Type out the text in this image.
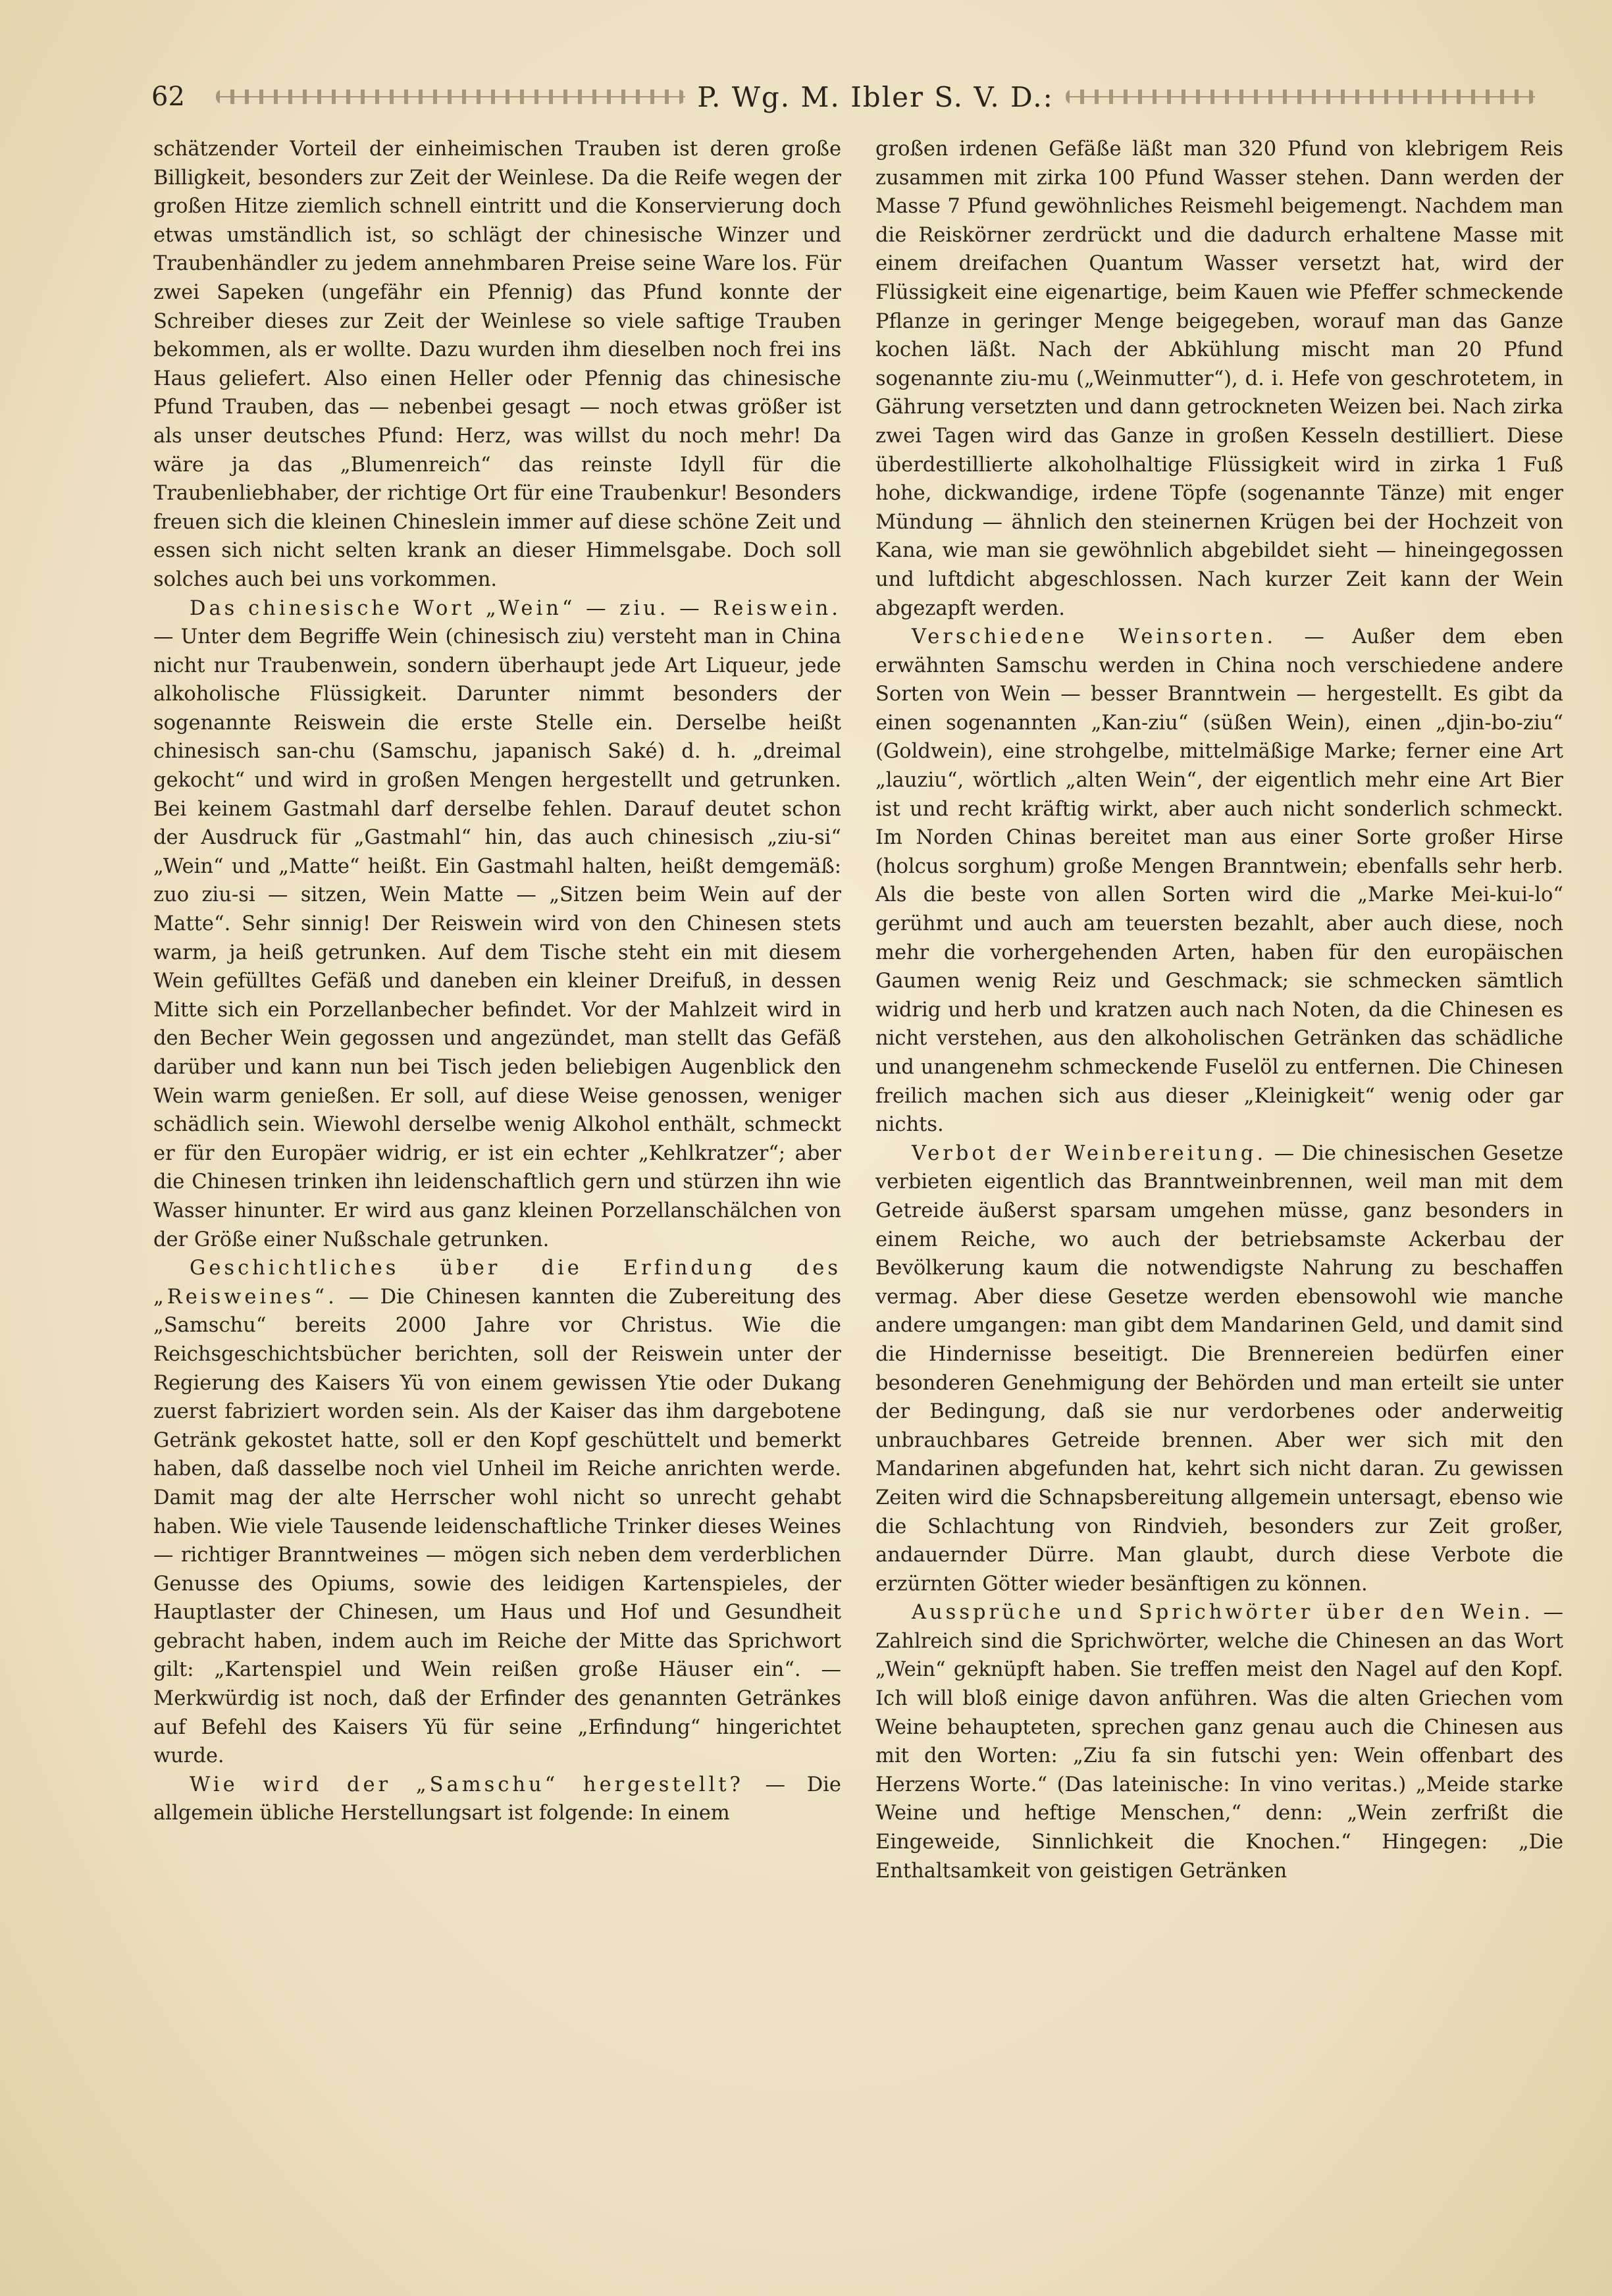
62	P. Wg. M. Ibler S. V. D.:

schätzender Vorteil der einheimischen Trauben ist deren große Billigkeit, besonders zur Zeit der Weinlese. Da die Reife wegen der großen Hitze ziemlich schnell eintritt und die Konservierung doch etwas umständlich ist, so schlägt der chinesische Winzer und Traubenhändler zu jedem annehmbaren Preise seine Ware los. Für zwei Sapeken (ungefähr ein Pfennig) das Pfund konnte der Schreiber dieses zur Zeit der Weinlese so viele saftige Trauben bekommen, als er wollte. Dazu wurden ihm dieselben noch frei ins Haus geliefert. Also einen Heller oder Pfennig das chinesische Pfund Trauben, das — nebenbei gesagt — noch etwas größer ist als unser deutsches Pfund: Herz, was willst du noch mehr! Da wäre ja das „Blumenreich“ das reinste Idyll für die Traubenliebhaber, der richtige Ort für eine Traubenkur! Besonders freuen sich die kleinen Chineslein immer auf diese schöne Zeit und essen sich nicht selten krank an dieser Himmelsgabe. Doch soll solches auch bei uns vorkommen.

Das chinesische Wort „Wein“ — ziu. — Reiswein. — Unter dem Begriffe Wein (chinesisch ziu) versteht man in China nicht nur Traubenwein, sondern überhaupt jede Art Liqueur, jede alkoholische Flüssigkeit. Darunter nimmt besonders der sogenannte Reiswein die erste Stelle ein. Derselbe heißt chinesisch san-chu (Samschu, japanisch Saké) d. h. „dreimal gekocht“ und wird in großen Mengen hergestellt und getrunken. Bei keinem Gastmahl darf derselbe fehlen. Darauf deutet schon der Ausdruck für „Gastmahl“ hin, das auch chinesisch „ziu-si“ „Wein“ und „Matte“ heißt. Ein Gastmahl halten, heißt demgemäß: zuo ziu-si — sitzen, Wein Matte — „Sitzen beim Wein auf der Matte“. Sehr sinnig! Der Reiswein wird von den Chinesen stets warm, ja heiß getrunken. Auf dem Tische steht ein mit diesem Wein gefülltes Gefäß und daneben ein kleiner Dreifuß, in dessen Mitte sich ein Porzellanbecher befindet. Vor der Mahlzeit wird in den Becher Wein gegossen und angezündet, man stellt das Gefäß darüber und kann nun bei Tisch jeden beliebigen Augenblick den Wein warm genießen. Er soll, auf diese Weise genossen, weniger schädlich sein. Wiewohl derselbe wenig Alkohol enthält, schmeckt er für den Europäer widrig, er ist ein echter „Kehlkratzer“; aber die Chinesen trinken ihn leidenschaftlich gern und stürzen ihn wie Wasser hinunter. Er wird aus ganz kleinen Porzellanschälchen von der Größe einer Nußschale getrunken.

Geschichtliches über die Erfindung des „Reisweines“. — Die Chinesen kannten die Zubereitung des „Samschu“ bereits 2000 Jahre vor Christus. Wie die Reichsgeschichtsbücher berichten, soll der Reiswein unter der Regierung des Kaisers Yü von einem gewissen Ytie oder Dukang zuerst fabriziert worden sein. Als der Kaiser das ihm dargebotene Getränk gekostet hatte, soll er den Kopf geschüttelt und bemerkt haben, daß dasselbe noch viel Unheil im Reiche anrichten werde. Damit mag der alte Herrscher wohl nicht so unrecht gehabt haben. Wie viele Tausende leidenschaftliche Trinker dieses Weines — richtiger Branntweines — mögen sich neben dem verderblichen Genusse des Opiums, sowie des leidigen Kartenspieles, der Hauptlaster der Chinesen, um Haus und Hof und Gesundheit gebracht haben, indem auch im Reiche der Mitte das Sprichwort gilt: „Kartenspiel und Wein reißen große Häuser ein“. — Merkwürdig ist noch, daß der Erfinder des genannten Getränkes auf Befehl des Kaisers Yü für seine „Erfindung“ hingerichtet wurde.

Wie wird der „Samschu“ hergestellt? — Die allgemein übliche Herstellungsart ist folgende: In einem

großen irdenen Gefäße läßt man 320 Pfund von klebrigem Reis zusammen mit zirka 100 Pfund Wasser stehen. Dann werden der Masse 7 Pfund gewöhnliches Reismehl beigemengt. Nachdem man die Reiskörner zerdrückt und die dadurch erhaltene Masse mit einem dreifachen Quantum Wasser versetzt hat, wird der Flüssigkeit eine eigenartige, beim Kauen wie Pfeffer schmeckende Pflanze in geringer Menge beigegeben, worauf man das Ganze kochen läßt. Nach der Abkühlung mischt man 20 Pfund sogenannte ziu-mu („Weinmutter“), d. i. Hefe von geschrotetem, in Gährung versetzten und dann getrockneten Weizen bei. Nach zirka zwei Tagen wird das Ganze in großen Kesseln destilliert. Diese überdestillierte alkoholhaltige Flüssigkeit wird in zirka 1 Fuß hohe, dickwandige, irdene Töpfe (sogenannte Tänze) mit enger Mündung — ähnlich den steinernen Krügen bei der Hochzeit von Kana, wie man sie gewöhnlich abgebildet sieht — hineingegossen und luftdicht abgeschlossen. Nach kurzer Zeit kann der Wein abgezapft werden.

Verschiedene Weinsorten. — Außer dem eben erwähnten Samschu werden in China noch verschiedene andere Sorten von Wein — besser Branntwein — hergestellt. Es gibt da einen sogenannten „Kan-ziu“ (süßen Wein), einen „djin-bo-ziu“ (Goldwein), eine strohgelbe, mittelmäßige Marke; ferner eine Art „lauziu“, wörtlich „alten Wein“, der eigentlich mehr eine Art Bier ist und recht kräftig wirkt, aber auch nicht sonderlich schmeckt. Im Norden Chinas bereitet man aus einer Sorte großer Hirse (holcus sorghum) große Mengen Branntwein; ebenfalls sehr herb. Als die beste von allen Sorten wird die „Marke Mei-kui-lo“ gerühmt und auch am teuersten bezahlt, aber auch diese, noch mehr die vorhergehenden Arten, haben für den europäischen Gaumen wenig Reiz und Geschmack; sie schmecken sämtlich widrig und herb und kratzen auch nach Noten, da die Chinesen es nicht verstehen, aus den alkoholischen Getränken das schädliche und unangenehm schmeckende Fuselöl zu entfernen. Die Chinesen freilich machen sich aus dieser „Kleinigkeit“ wenig oder gar nichts.

Verbot der Weinbereitung. — Die chinesischen Gesetze verbieten eigentlich das Branntweinbrennen, weil man mit dem Getreide äußerst sparsam umgehen müsse, ganz besonders in einem Reiche, wo auch der betriebsamste Ackerbau der Bevölkerung kaum die notwendigste Nahrung zu beschaffen vermag. Aber diese Gesetze werden ebensowohl wie manche andere umgangen: man gibt dem Mandarinen Geld, und damit sind die Hindernisse beseitigt. Die Brennereien bedürfen einer besonderen Genehmigung der Behörden und man erteilt sie unter der Bedingung, daß sie nur verdorbenes oder anderweitig unbrauchbares Getreide brennen. Aber wer sich mit den Mandarinen abgefunden hat, kehrt sich nicht daran. Zu gewissen Zeiten wird die Schnapsbereitung allgemein untersagt, ebenso wie die Schlachtung von Rindvieh, besonders zur Zeit großer, andauernder Dürre. Man glaubt, durch diese Verbote die erzürnten Götter wieder besänftigen zu können.

Aussprüche und Sprichwörter über den Wein. — Zahlreich sind die Sprichwörter, welche die Chinesen an das Wort „Wein“ geknüpft haben. Sie treffen meist den Nagel auf den Kopf. Ich will bloß einige davon anführen. Was die alten Griechen vom Weine behaupteten, sprechen ganz genau auch die Chinesen aus mit den Worten: „Ziu fa sin futschi yen: Wein offenbart des Herzens Worte.“ (Das lateinische: In vino veritas.) „Meide starke Weine und heftige Menschen,“ denn: „Wein zerfrißt die Eingeweide, Sinnlichkeit die Knochen.“ Hingegen: „Die Enthaltsamkeit von geistigen Getränken
